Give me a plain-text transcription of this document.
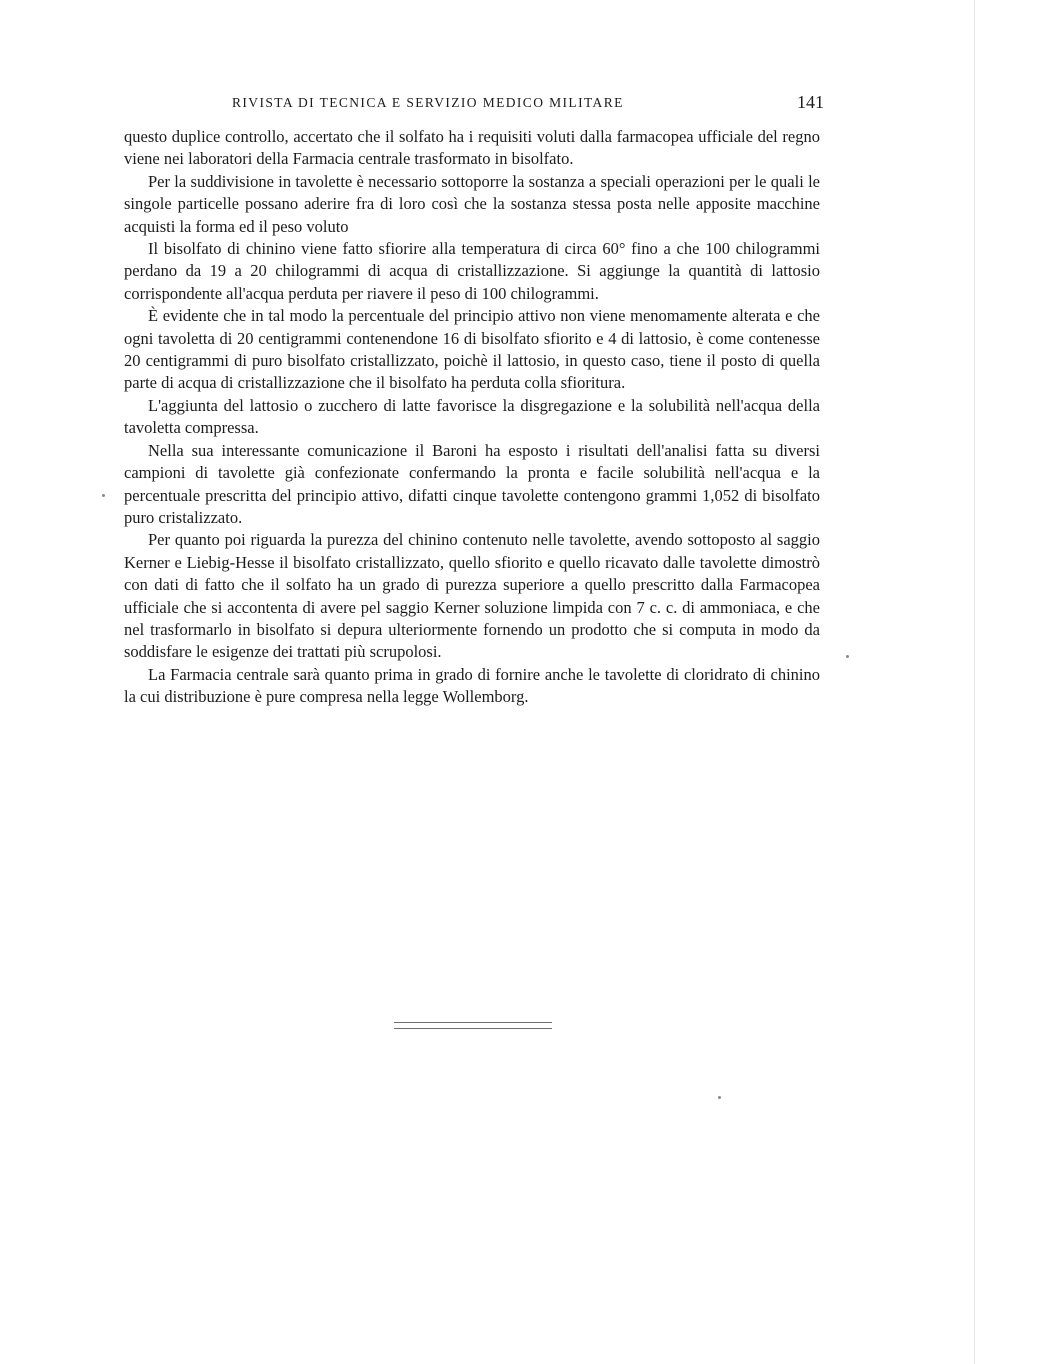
RIVISTA DI TECNICA E SERVIZIO MEDICO MILITARE	141

questo duplice controllo, accertato che il solfato ha i requisiti voluti dalla farmacopea ufficiale del regno viene nei laboratori della Farmacia centrale trasformato in bisolfato.

Per la suddivisione in tavolette è necessario sottoporre la sostanza a speciali operazioni per le quali le singole particelle possano aderire fra di loro così che la sostanza stessa posta nelle apposite macchine acquisti la forma ed il peso voluto

Il bisolfato di chinino viene fatto sfiorire alla temperatura di circa 60° fino a che 100 chilogrammi perdano da 19 a 20 chilogrammi di acqua di cristallizzazione. Si aggiunge la quantità di lattosio corrispondente all'acqua perduta per riavere il peso di 100 chilogrammi.

È evidente che in tal modo la percentuale del principio attivo non viene menomamente alterata e che ogni tavoletta di 20 centigrammi contenendone 16 di bisolfato sfiorito e 4 di lattosio, è come contenesse 20 centigrammi di puro bisolfato cristallizzato, poichè il lattosio, in questo caso, tiene il posto di quella parte di acqua di cristallizzazione che il bisolfato ha perduta colla sfioritura.

L'aggiunta del lattosio o zucchero di latte favorisce la disgregazione e la solubilità nell'acqua della tavoletta compressa.

Nella sua interessante comunicazione il Baroni ha esposto i risultati dell'analisi fatta su diversi campioni di tavolette già confezionate confermando la pronta e facile solubilità nell'acqua e la percentuale prescritta del principio attivo, difatti cinque tavolette contengono grammi 1,052 di bisolfato puro cristalizzato.

Per quanto poi riguarda la purezza del chinino contenuto nelle tavolette, avendo sottoposto al saggio Kerner e Liebig-Hesse il bisolfato cristallizzato, quello sfiorito e quello ricavato dalle tavolette dimostrò con dati di fatto che il solfato ha un grado di purezza superiore a quello prescritto dalla Farmacopea ufficiale che si accontenta di avere pel saggio Kerner soluzione limpida con 7 c. c. di ammoniaca, e che nel trasformarlo in bisolfato si depura ulteriormente fornendo un prodotto che si computa in modo da soddisfare le esigenze dei trattati più scrupolosi.

La Farmacia centrale sarà quanto prima in grado di fornire anche le tavolette di cloridrato di chinino la cui distribuzione è pure compresa nella legge Wollemborg.
